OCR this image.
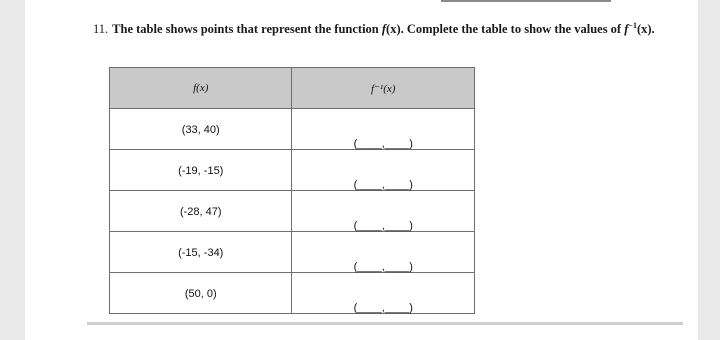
11. The table shows points that represent the function f(x). Complete the table to show the values of $f^{-1}(x)$.
f(x)	f⁻¹(x)
(33, 40)	(____,____)

(-19, -15)	(____,____)

(-28, 47)	(____,____)

(-15, -34)	(____,____)

(50, 0)	(____,____)
